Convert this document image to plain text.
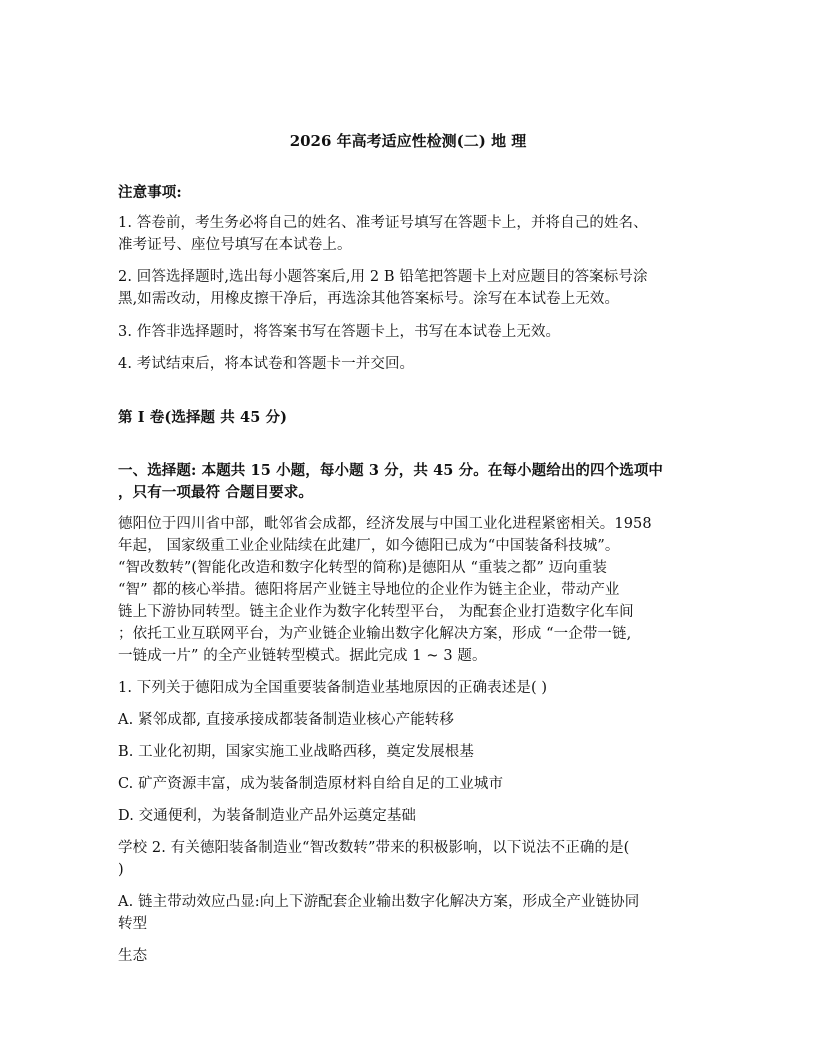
2026 年高考适应性检测(二) 地 理
注意事项:
1. 答卷前，考生务必将自己的姓名、准考证号填写在答题卡上，并将自己的姓名、
准考证号、座位号填写在本试卷上。
2. 回答选择题时,选出每小题答案后,用 2 B 铅笔把答题卡上对应题目的答案标号涂
黑,如需改动，用橡皮擦干净后，再选涂其他答案标号。涂写在本试卷上无效。
3. 作答非选择题时，将答案书写在答题卡上，书写在本试卷上无效。
4. 考试结束后，将本试卷和答题卡一并交回。
第 I 卷(选择题 共 45 分)
一、选择题: 本题共 15 小题，每小题 3 分，共 45 分。在每小题给出的四个选项中
，只有一项最符 合题目要求。
德阳位于四川省中部，毗邻省会成都，经济发展与中国工业化进程紧密相关。1958
年起， 国家级重工业企业陆续在此建厂，如今德阳已成为“中国装备科技城”。
“智改数转”(智能化改造和数字化转型的简称)是德阳从 “重装之都” 迈向重装
“智” 都的核心举措。德阳将居产业链主导地位的企业作为链主企业，带动产业
链上下游协同转型。链主企业作为数字化转型平台， 为配套企业打造数字化车间
；依托工业互联网平台，为产业链企业输出数字化解决方案，形成 “一企带一链,
一链成一片” 的全产业链转型模式。据此完成 1 ~ 3 题。
1. 下列关于德阳成为全国重要装备制造业基地原因的正确表述是( )
A. 紧邻成都, 直接承接成都装备制造业核心产能转移
B. 工业化初期，国家实施工业战略西移，奠定发展根基
C. 矿产资源丰富，成为装备制造原材料自给自足的工业城市
D. 交通便利，为装备制造业产品外运奠定基础
学校 2. 有关德阳装备制造业“智改数转”带来的积极影响，以下说法不正确的是(
)
A. 链主带动效应凸显:向上下游配套企业输出数字化解决方案，形成全产业链协同
转型
生态
